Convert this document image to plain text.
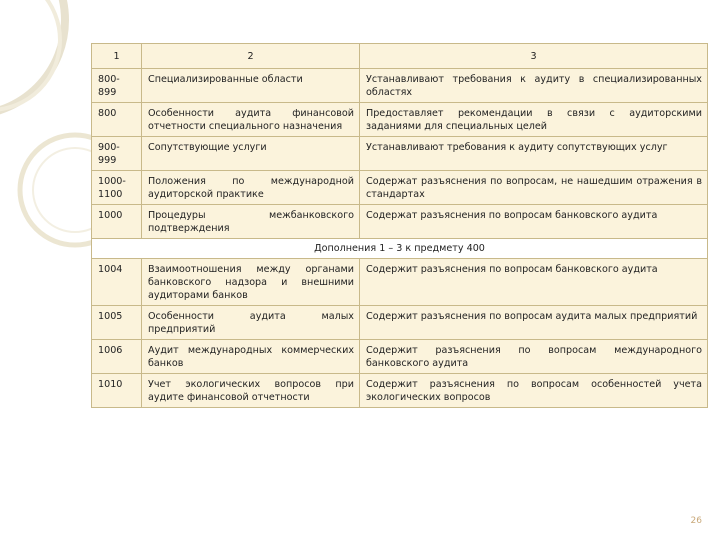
1	2	3
800-899	Специализированные области	Устанавливают требования к аудиту в специализированных областях
800	Особенности аудита финансовой отчетности специального назначения	Предоставляет рекомендации в связи с аудиторскими заданиями для специальных целей
900-999	Сопутствующие услуги	Устанавливают требования к аудиту сопутствующих услуг
1000-1100	Положения по международной аудиторской практике	Содержат разъяснения по вопросам, не нашедшим отражения в стандартах
1000	Процедуры межбанковского подтверждения	Содержат разъяснения по вопросам банковского аудита
Дополнения 1 – 3 к предмету 400		
1004	Взаимоотношения между органами банковского надзора и внешними аудиторами банков	Содержит разъяснения по вопросам банковского аудита
1005	Особенности аудита малых предприятий	Содержит разъяснения по вопросам аудита малых предприятий
1006	Аудит международных коммерческих банков	Содержит разъяснения по вопросам международного банковского аудита
1010	Учет экологических вопросов при аудите финансовой отчетности	Содержит разъяснения по вопросам особенностей учета экологических вопросов
26
